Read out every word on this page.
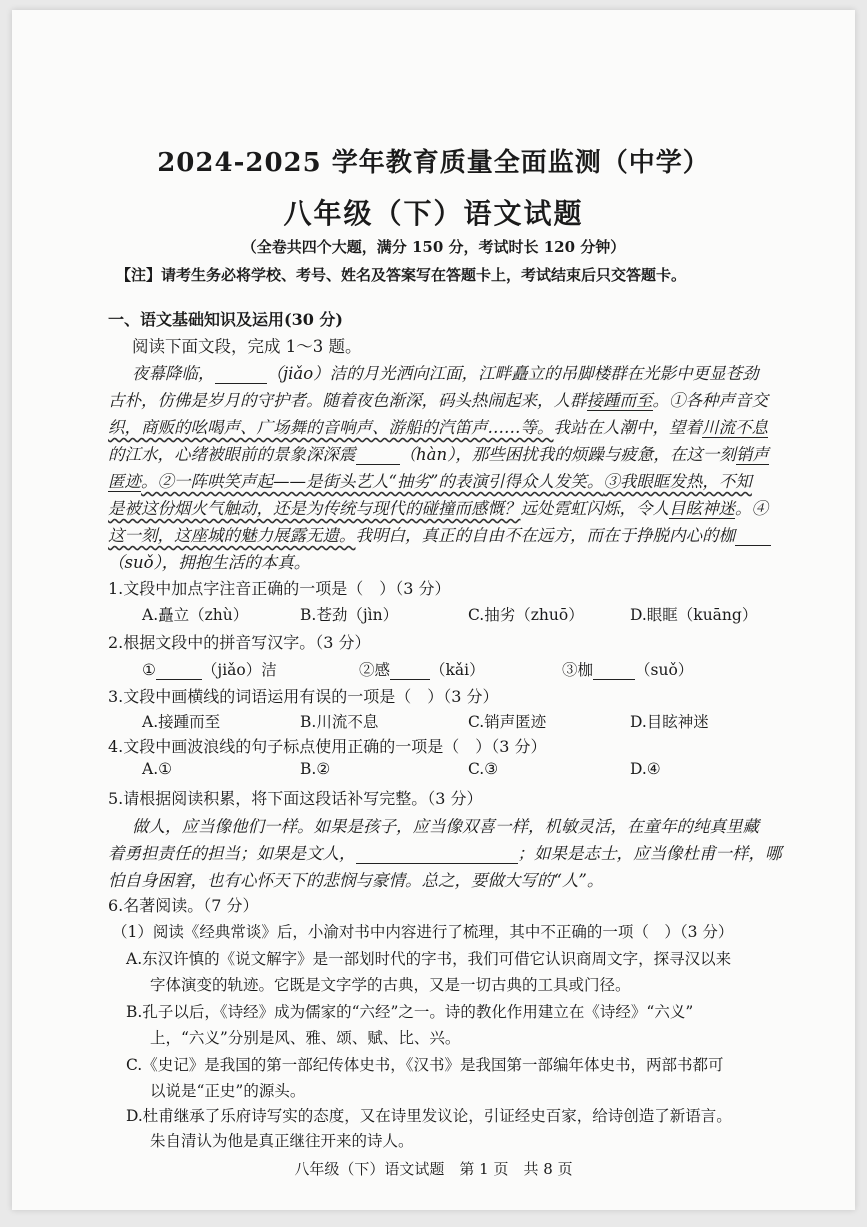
2024-2025 学年教育质量全面监测（中学）
八年级（下）语文试题
（全卷共四个大题，满分 150 分，考试时长 120 分钟）
【注】请考生务必将学校、考号、姓名及答案写在答题卡上，考试结束后只交答题卡。
一、语文基础知识及运用(30 分)
阅读下面文段，完成 1～3 题。
夜幕降临，	（jiǎo）洁的月光洒向江面，江畔矗立的吊脚楼群在光影中更显苍劲
古朴，仿佛是岁月的守护者。随着夜色渐深，码头热闹起来，人群接踵而至。①各种声音交
织，商贩的吆喝声、广场舞的音响声、游船的汽笛声……等。我站在人潮中，望着川流不息
的江水，心绪被眼前的景象深深震	（hàn），那些困扰我的烦躁与疲惫，在这一刻销声
匿迹。②一阵哄笑声起——是街头艺人“抽劣”的表演引得众人发笑。③我眼眶发热，不知
是被这份烟火气触动，还是为传统与现代的碰撞而感慨？远处霓虹闪烁，令人目眩神迷。④
这一刻，这座城的魅力展露无遗。我明白，真正的自由不在远方，而在于挣脱内心的枷
（suǒ），拥抱生活的本真。
1.文段中加点字注音正确的一项是（　）（3 分）
A.矗立（zhù）	B.苍劲（jìn）	C.抽劣（zhuō）	D.眼眶（kuāng）
2.根据文段中的拼音写汉字。（3 分）
①	（jiǎo）洁	②感	（kǎi）	③枷	（suǒ）
3.文段中画横线的词语运用有误的一项是（　）（3 分）
A.接踵而至	B.川流不息	C.销声匿迹	D.目眩神迷
4.文段中画波浪线的句子标点使用正确的一项是（　）（3 分）
A.①	B.②	C.③	D.④
5.请根据阅读积累，将下面这段话补写完整。（3 分）
做人，应当像他们一样。如果是孩子，应当像双喜一样，机敏灵活，在童年的纯真里藏
着勇担责任的担当；如果是文人，	；如果是志士，应当像杜甫一样，哪
怕自身困窘，也有心怀天下的悲悯与豪情。总之，要做大写的“人”。
6.名著阅读。（7 分）
（1）阅读《经典常谈》后，小渝对书中内容进行了梳理，其中不正确的一项（　）（3 分）
A.东汉许慎的《说文解字》是一部划时代的字书，我们可借它认识商周文字，探寻汉以来
字体演变的轨迹。它既是文字学的古典，又是一切古典的工具或门径。
B.孔子以后，《诗经》成为儒家的“六经”之一。诗的教化作用建立在《诗经》“六义”
上，“六义”分别是风、雅、颂、赋、比、兴。
C.《史记》是我国的第一部纪传体史书，《汉书》是我国第一部编年体史书，两部书都可
以说是“正史”的源头。
D.杜甫继承了乐府诗写实的态度，又在诗里发议论，引证经史百家，给诗创造了新语言。
朱自清认为他是真正继往开来的诗人。
八年级（下）语文试题　第 1 页　共 8 页
